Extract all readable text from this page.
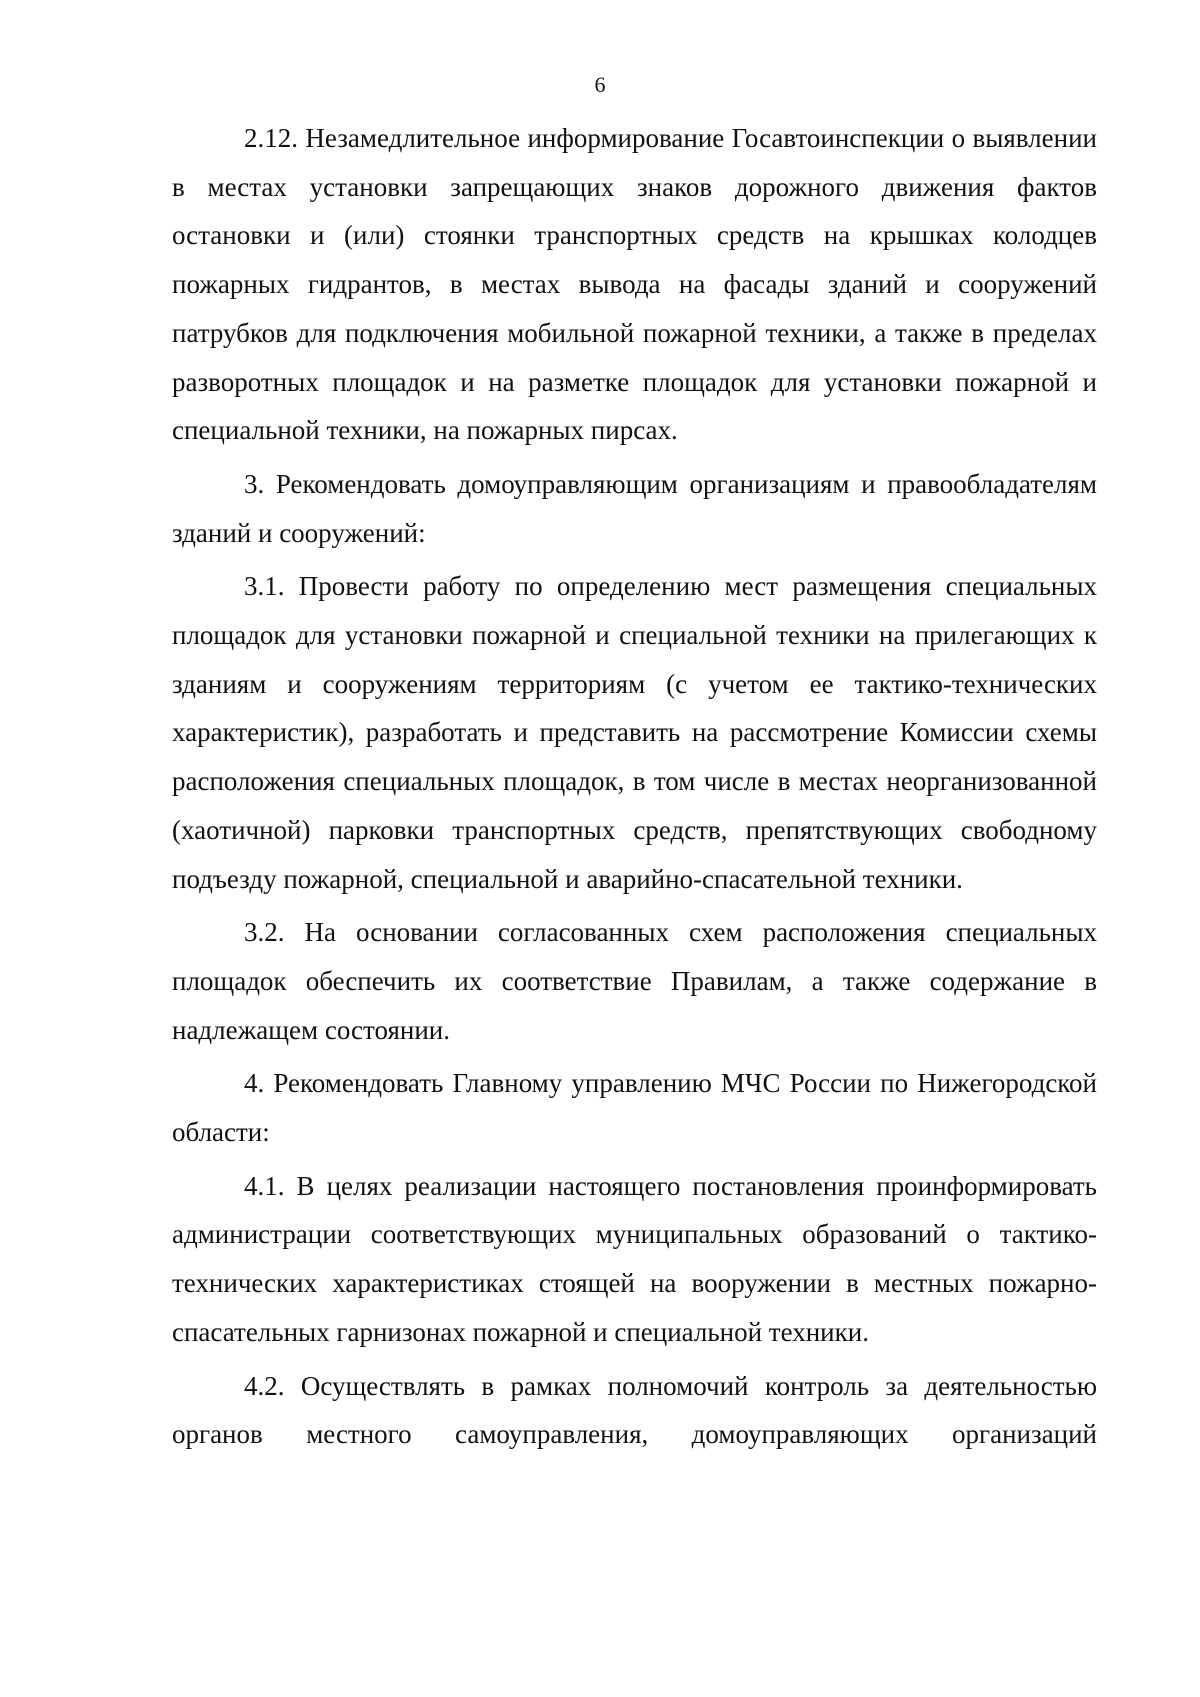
6

2.12. Незамедлительное информирование Госавтоинспекции о выявлении в местах установки запрещающих знаков дорожного движения фактов остановки и (или) стоянки транспортных средств на крышках колодцев пожарных гидрантов, в местах вывода на фасады зданий и сооружений патрубков для подключения мобильной пожарной техники, а также в пределах разворотных площадок и на разметке площадок для установки пожарной и специальной техники, на пожарных пирсах.

3. Рекомендовать домоуправляющим организациям и правообладателям зданий и сооружений:

3.1. Провести работу по определению мест размещения специальных площадок для установки пожарной и специальной техники на прилегающих к зданиям и сооружениям территориям (с учетом ее тактико-технических характеристик), разработать и представить на рассмотрение Комиссии схемы расположения специальных площадок, в том числе в местах неорганизованной (хаотичной) парковки транспортных средств, препятствующих свободному подъезду пожарной, специальной и аварийно-спасательной техники.

3.2. На основании согласованных схем расположения специальных площадок обеспечить их соответствие Правилам, а также содержание в надлежащем состоянии.

4. Рекомендовать Главному управлению МЧС России по Нижегородской области:

4.1. В целях реализации настоящего постановления проинформировать администрации соответствующих муниципальных образований о тактико-технических характеристиках стоящей на вооружении в местных пожарно-спасательных гарнизонах пожарной и специальной техники.

4.2. Осуществлять в рамках полномочий контроль за деятельностью органов местного самоуправления, домоуправляющих организаций
